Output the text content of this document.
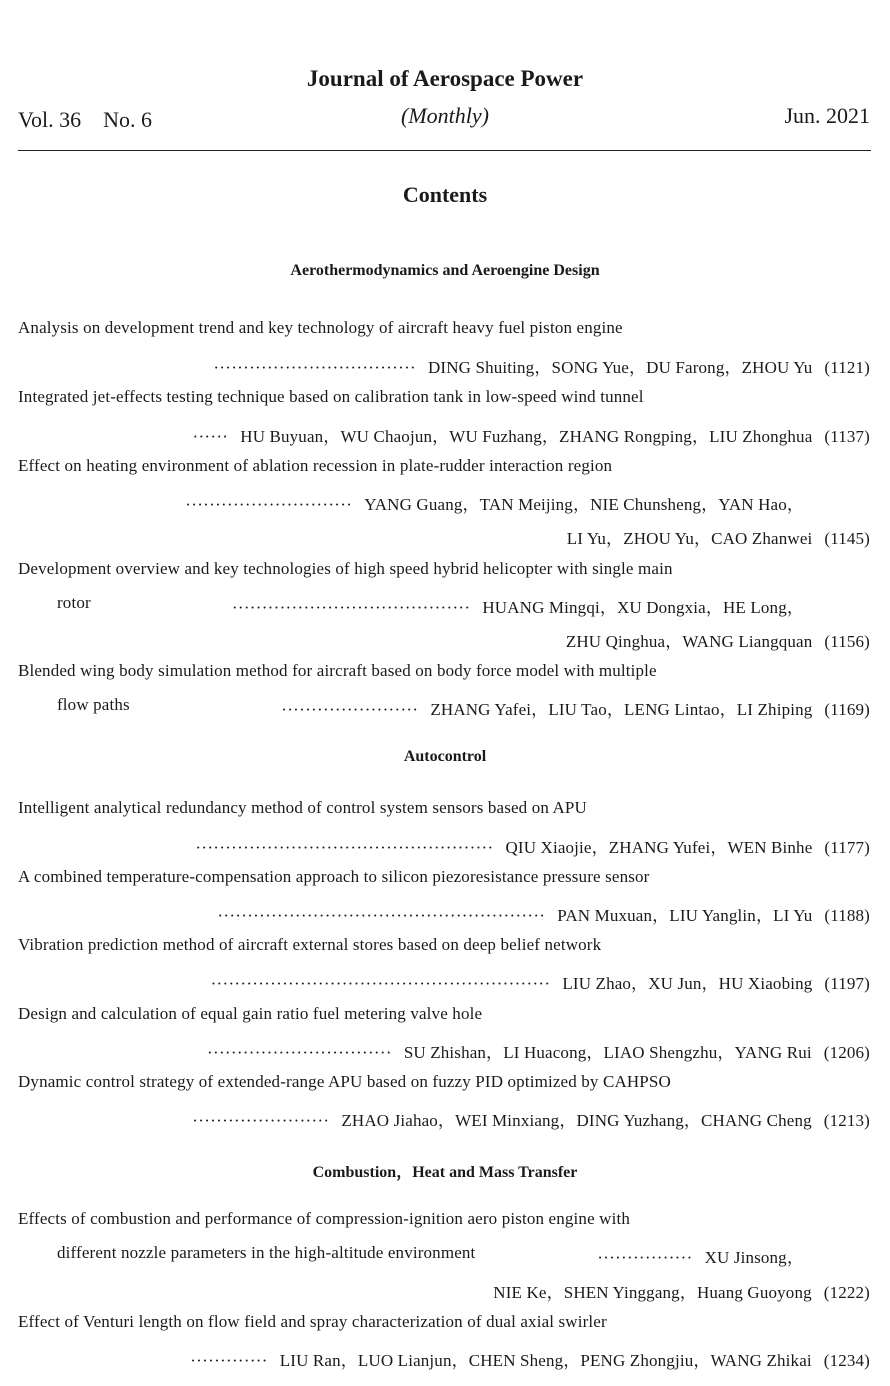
Journal of Aerospace Power
Vol. 36　No. 6	(Monthly)	Jun. 2021
Contents
Aerothermodynamics and Aeroengine Design
Analysis on development trend and key technology of aircraft heavy fuel piston engine
·································· DING Shuiting，SONG Yue，DU Farong，ZHOU Yu (1121)
Integrated jet-effects testing technique based on calibration tank in low-speed wind tunnel
······ HU Buyuan，WU Chaojun，WU Fuzhang，ZHANG Rongping，LIU Zhonghua (1137)
Effect on heating environment of ablation recession in plate-rudder interaction region
···························· YANG Guang，TAN Meijing，NIE Chunsheng，YAN Hao，
LI Yu，ZHOU Yu，CAO Zhanwei (1145)
Development overview and key technologies of high speed hybrid helicopter with single main
rotor	········································ HUANG Mingqi，XU Dongxia，HE Long，
ZHU Qinghua，WANG Liangquan (1156)
Blended wing body simulation method for aircraft based on body force model with multiple
flow paths	······················· ZHANG Yafei，LIU Tao，LENG Lintao，LI Zhiping (1169)
Autocontrol
Intelligent analytical redundancy method of control system sensors based on APU
·················································· QIU Xiaojie，ZHANG Yufei，WEN Binhe (1177)
A combined temperature-compensation approach to silicon piezoresistance pressure sensor
······················································· PAN Muxuan，LIU Yanglin，LI Yu (1188)
Vibration prediction method of aircraft external stores based on deep belief network
························································· LIU Zhao，XU Jun，HU Xiaobing (1197)
Design and calculation of equal gain ratio fuel metering valve hole
······························· SU Zhishan，LI Huacong，LIAO Shengzhu，YANG Rui (1206)
Dynamic control strategy of extended-range APU based on fuzzy PID optimized by CAHPSO
······················· ZHAO Jiahao，WEI Minxiang，DING Yuzhang，CHANG Cheng (1213)
Combustion，Heat and Mass Transfer
Effects of combustion and performance of compression-ignition aero piston engine with
different nozzle parameters in the high-altitude environment	················ XU Jinsong，
NIE Ke，SHEN Yinggang，Huang Guoyong (1222)
Effect of Venturi length on flow field and spray characterization of dual axial swirler
············· LIU Ran，LUO Lianjun，CHEN Sheng，PENG Zhongjiu，WANG Zhikai (1234)
